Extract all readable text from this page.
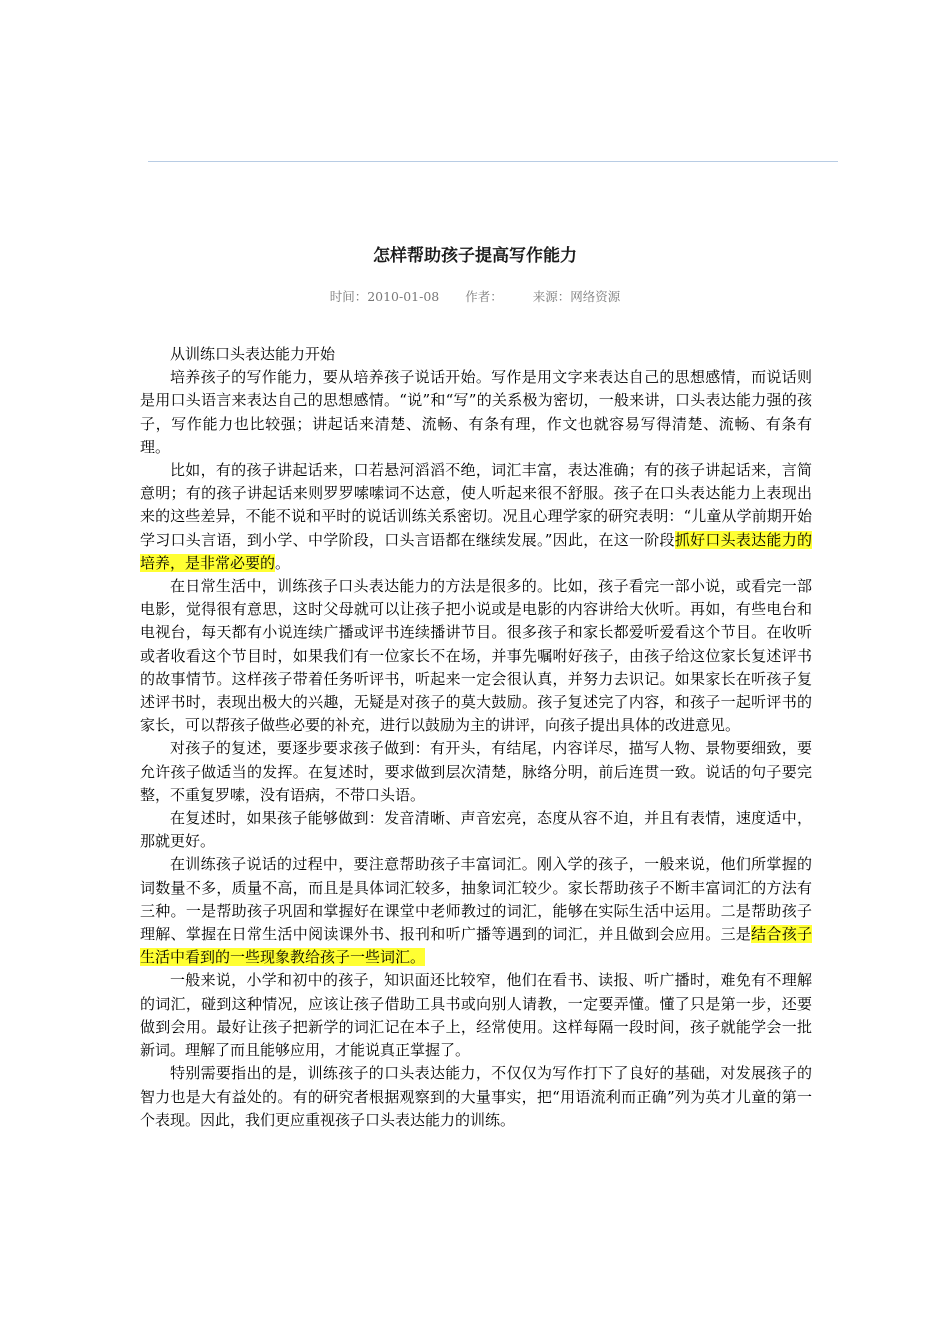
怎样帮助孩子提高写作能力
时间：2010-01-08 作者： 来源：网络资源

从训练口头表达能力开始

培养孩子的写作能力，要从培养孩子说话开始。写作是用文字来表达自己的思想感情，而说话则是用口头语言来表达自己的思想感情。“说”和“写”的关系极为密切，一般来讲，口头表达能力强的孩子，写作能力也比较强；讲起话来清楚、流畅、有条有理，作文也就容易写得清楚、流畅、有条有理。

比如，有的孩子讲起话来，口若悬河滔滔不绝，词汇丰富，表达准确；有的孩子讲起话来，言简意明；有的孩子讲起话来则罗罗嗦嗦词不达意，使人听起来很不舒服。孩子在口头表达能力上表现出来的这些差异，不能不说和平时的说话训练关系密切。况且心理学家的研究表明：“儿童从学前期开始学习口头言语，到小学、中学阶段，口头言语都在继续发展。”因此，在这一阶段抓好口头表达能力的培养，是非常必要的。

在日常生活中，训练孩子口头表达能力的方法是很多的。比如，孩子看完一部小说，或看完一部电影，觉得很有意思，这时父母就可以让孩子把小说或是电影的内容讲给大伙听。再如，有些电台和电视台，每天都有小说连续广播或评书连续播讲节目。很多孩子和家长都爱听爱看这个节目。在收听或者收看这个节目时，如果我们有一位家长不在场，并事先嘱咐好孩子，由孩子给这位家长复述评书的故事情节。这样孩子带着任务听评书，听起来一定会很认真，并努力去识记。如果家长在听孩子复述评书时，表现出极大的兴趣，无疑是对孩子的莫大鼓励。孩子复述完了内容，和孩子一起听评书的家长，可以帮孩子做些必要的补充，进行以鼓励为主的讲评，向孩子提出具体的改进意见。

对孩子的复述，要逐步要求孩子做到：有开头，有结尾，内容详尽，描写人物、景物要细致，要允许孩子做适当的发挥。在复述时，要求做到层次清楚，脉络分明，前后连贯一致。说话的句子要完整，不重复罗嗦，没有语病，不带口头语。

在复述时，如果孩子能够做到：发音清晰、声音宏亮，态度从容不迫，并且有表情，速度适中，那就更好。

在训练孩子说话的过程中，要注意帮助孩子丰富词汇。刚入学的孩子，一般来说，他们所掌握的词数量不多，质量不高，而且是具体词汇较多，抽象词汇较少。家长帮助孩子不断丰富词汇的方法有三种。一是帮助孩子巩固和掌握好在课堂中老师教过的词汇，能够在实际生活中运用。二是帮助孩子理解、掌握在日常生活中阅读课外书、报刊和听广播等遇到的词汇，并且做到会应用。三是结合孩子生活中看到的一些现象教给孩子一些词汇。

一般来说，小学和初中的孩子，知识面还比较窄，他们在看书、读报、听广播时，难免有不理解的词汇，碰到这种情况，应该让孩子借助工具书或向别人请教，一定要弄懂。懂了只是第一步，还要做到会用。最好让孩子把新学的词汇记在本子上，经常使用。这样每隔一段时间，孩子就能学会一批新词。理解了而且能够应用，才能说真正掌握了。

特别需要指出的是，训练孩子的口头表达能力，不仅仅为写作打下了良好的基础，对发展孩子的智力也是大有益处的。有的研究者根据观察到的大量事实，把“用语流利而正确”列为英才儿童的第一个表现。因此，我们更应重视孩子口头表达能力的训练。
